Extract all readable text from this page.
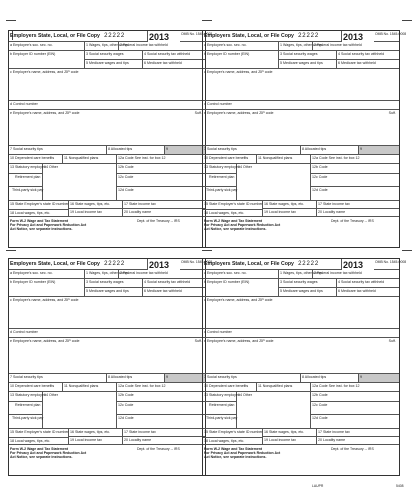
Employers State, Local, or File Copy 22222	2013	OMB No. 1545-0008
a Employee's soc. sec. no.	1 Wages, tips, other comp.
2 Federal income tax withheld
b Employer ID number (EIN)	3 Social security wages	4 Social security tax withheld
5 Medicare wages and tips	6 Medicare tax withheld
c Employer's name, address, and ZIP code
d Control number
e Employee's name, address, and ZIP code	Suff.
7 Social security tips	8 Allocated tips	9
10 Dependent care benefits	11 Nonqualified plans	12a Code See inst. for box 12
13 Statutory employee
14 Other	12b Code
Retirement plan	12c Code
Third-party sick pay	12d Code
15 State Employer's state ID number 16 State wages, tips, etc.	17 State income tax
18 Local wages, tips, etc.	19 Local income tax	20 Locality name
Form W-2 Wage and Tax Statement
For Privacy Act and Paperwork Reduction Act
Act Notice, see separate instructions.
Dept. of the Treasury -- IRS
Employers State, Local, or File Copy 22222	2013	OMB No. 1545-0008
a Employee's soc. sec. no.	1 Wages, tips, other comp.
2 Federal income tax withheld
b Employer ID number (EIN)	3 Social security wages	4 Social security tax withheld
5 Medicare wages and tips	6 Medicare tax withheld
c Employer's name, address, and ZIP code
d Control number
e Employee's name, address, and ZIP code	Suff.
7 Social security tips	8 Allocated tips	9
10 Dependent care benefits	11 Nonqualified plans	12a Code See inst. for box 12
13 Statutory employee
14 Other	12b Code
Retirement plan	12c Code
Third-party sick pay	12d Code
15 State Employer's state ID number 16 State wages, tips, etc.	17 State income tax
18 Local wages, tips, etc.	19 Local income tax	20 Locality name
Form W-2 Wage and Tax Statement
For Privacy Act and Paperwork Reduction Act
Act Notice, see separate instructions.
Dept. of the Treasury -- IRS
Employers State, Local, or File Copy 22222	2013	OMB No. 1545-0008
a Employee's soc. sec. no.	1 Wages, tips, other comp.
2 Federal income tax withheld
b Employer ID number (EIN)	3 Social security wages	4 Social security tax withheld
5 Medicare wages and tips	6 Medicare tax withheld
c Employer's name, address, and ZIP code
d Control number
e Employee's name, address, and ZIP code	Suff.
7 Social security tips	8 Allocated tips	9
10 Dependent care benefits	11 Nonqualified plans	12a Code See inst. for box 12
13 Statutory employee
14 Other	12b Code
Retirement plan	12c Code
Third-party sick pay	12d Code
15 State Employer's state ID number 16 State wages, tips, etc.	17 State income tax
18 Local wages, tips, etc.	19 Local income tax	20 Locality name
Form W-2 Wage and Tax Statement
For Privacy Act and Paperwork Reduction Act
Act Notice, see separate instructions.
Dept. of the Treasury -- IRS
Employers State, Local, or File Copy 22222	2013	OMB No. 1545-0008
a Employee's soc. sec. no.	1 Wages, tips, other comp.
2 Federal income tax withheld
b Employer ID number (EIN)	3 Social security wages	4 Social security tax withheld
5 Medicare wages and tips	6 Medicare tax withheld
c Employer's name, address, and ZIP code
d Control number
e Employee's name, address, and ZIP code	Suff.
7 Social security tips	8 Allocated tips	9
10 Dependent care benefits	11 Nonqualified plans	12a Code See inst. for box 12
13 Statutory employee
14 Other	12b Code
Retirement plan	12c Code
Third-party sick pay	12d Code
15 State Employer's state ID number 16 State wages, tips, etc.	17 State income tax
18 Local wages, tips, etc.	19 Local income tax	20 Locality name
Form W-2 Wage and Tax Statement
For Privacy Act and Paperwork Reduction Act
Act Notice, see separate instructions.
Dept. of the Treasury -- IRS
LAUPR	5408
